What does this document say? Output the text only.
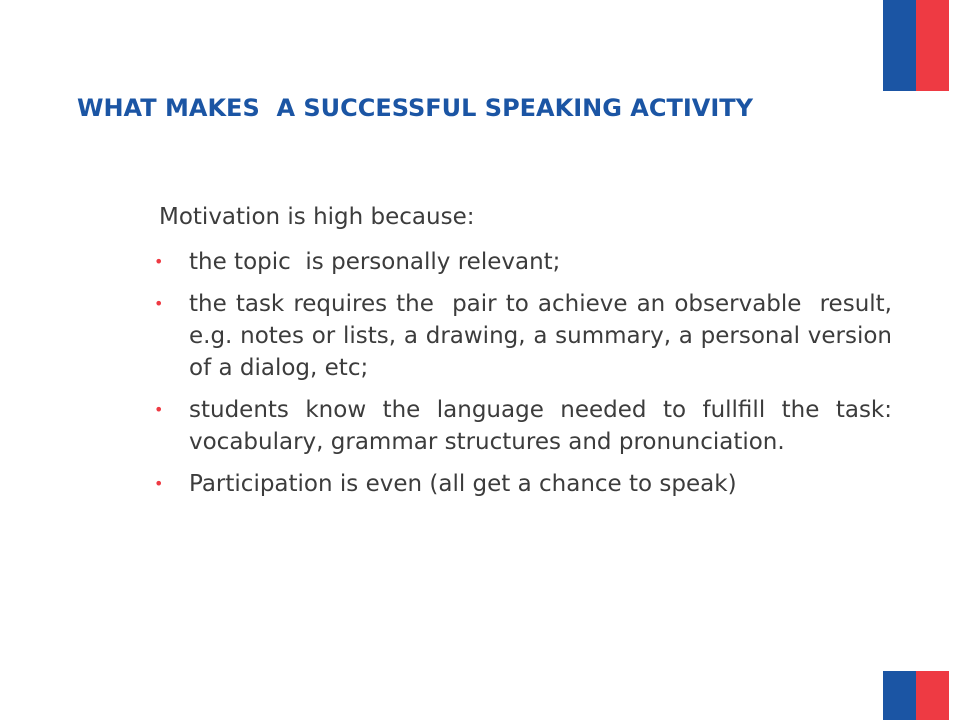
WHAT MAKES  A SUCCESSFUL SPEAKING ACTIVITY

Motivation is high because:

• the topic  is personally relevant;
• the task requires the  pair to achieve an observable  result, e.g. notes or lists, a drawing, a summary, a personal version of a dialog, etc;
• students know the language needed to fullfill the task: vocabulary, grammar structures and pronunciation.
• Participation is even (all get a chance to speak)
